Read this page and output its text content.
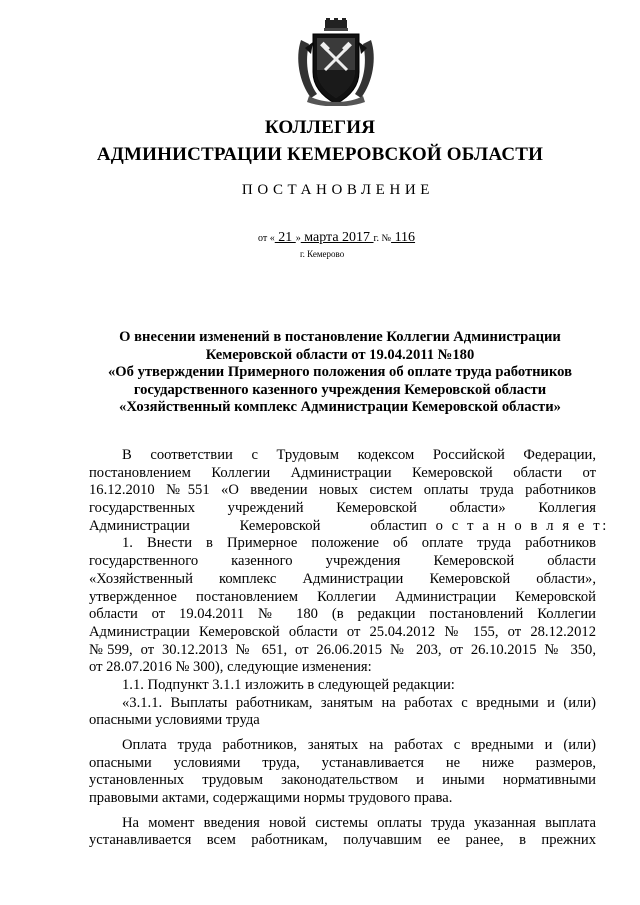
КОЛЛЕГИЯ
АДМИНИСТРАЦИИ КЕМЕРОВСКОЙ ОБЛАСТИ
ПОСТАНОВЛЕНИЕ
от « 21 » марта 2017 г. № 116
г. Кемерово
О внесении изменений в постановление Коллегии Администрации
Кемеровской области от 19.04.2011 №180
«Об утверждении Примерного положения об оплате труда работников
государственного казенного учреждения Кемеровской области
«Хозяйственный комплекс Администрации Кемеровской области»
В соответствии с Трудовым кодексом Российской Федерации,
постановлением Коллегии Администрации Кемеровской области от
16.12.2010 №551 «О введении новых систем оплаты труда работников
государственных учреждений Кемеровской области» Коллегия
Администрации Кемеровской области п о с т а н о в л я е т:
1. Внести в Примерное положение об оплате труда работников
государственного казенного учреждения Кемеровской области
«Хозяйственный комплекс Администрации Кемеровской области»,
утвержденное постановлением Коллегии Администрации Кемеровской
области от 19.04.2011 № 180 (в редакции постановлений Коллегии
Администрации Кемеровской области от 25.04.2012 № 155, от 28.12.2012
№599, от 30.12.2013 № 651, от 26.06.2015 № 203, от 26.10.2015 № 350,
от 28.07.2016 № 300), следующие изменения:
1.1. Подпункт 3.1.1 изложить в следующей редакции:
«3.1.1. Выплаты работникам, занятым на работах с вредными и (или)
опасными условиями труда
Оплата труда работников, занятых на работах с вредными и (или)
опасными условиями труда, устанавливается не ниже размеров,
установленных трудовым законодательством и иными нормативными
правовыми актами, содержащими нормы трудового права.
На момент введения новой системы оплаты труда указанная выплата
устанавливается всем работникам, получавшим ее ранее, в прежних
